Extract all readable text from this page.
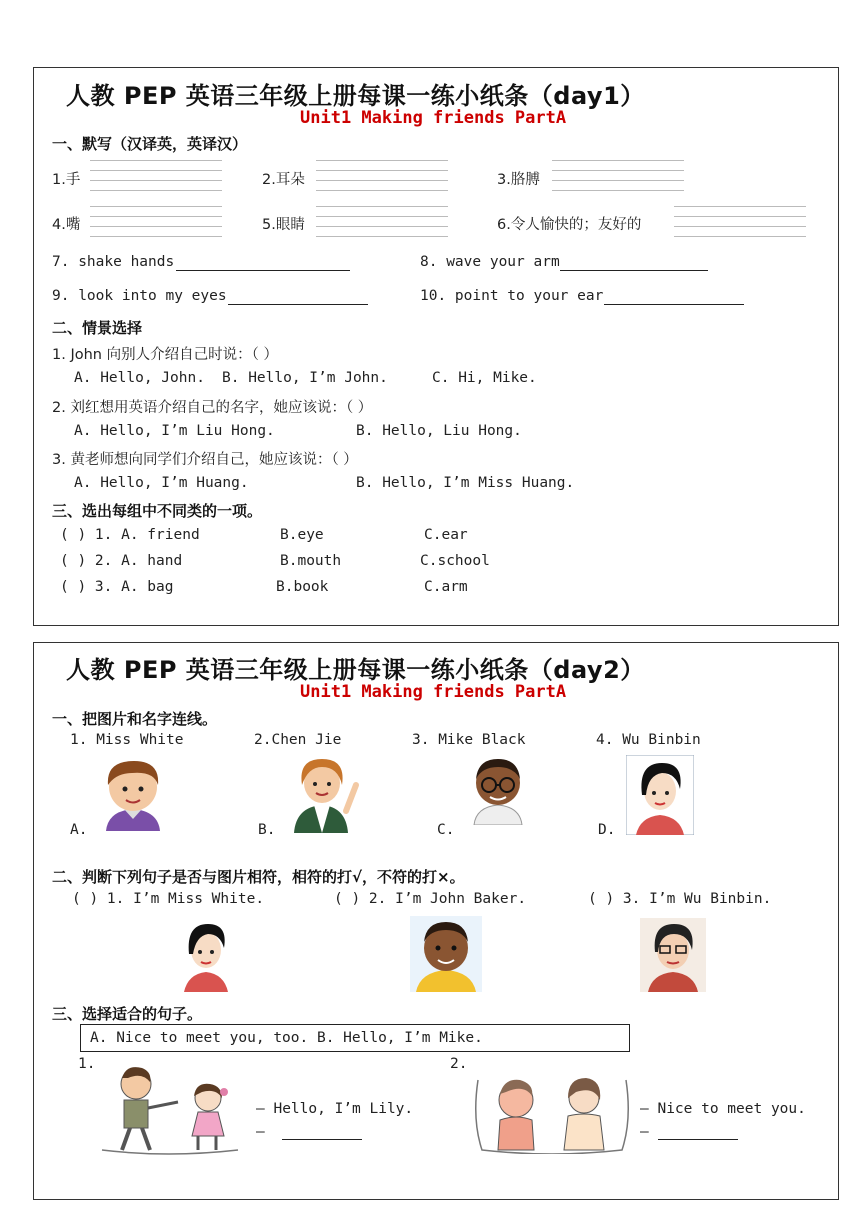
人教 PEP 英语三年级上册每课一练小纸条（day1）
Unit1 Making friends PartA
一、默写（汉译英，英译汉）
1.手	2.耳朵	3.胳膊
4.嘴	5.眼睛	6.令人愉快的；友好的
7. shake hands	8. wave your arm
9. look into my eyes	10. point to your ear
二、情景选择
1. John 向别人介绍自己时说：（ ）
A. Hello, John. B. Hello, I’m John.	C. Hi, Mike.
2. 刘红想用英语介绍自己的名字，她应该说：（ ）
A. Hello, I’m Liu Hong.	B. Hello, Liu Hong.
3. 黄老师想向同学们介绍自己，她应该说：（ ）
A. Hello, I’m Huang.	B. Hello, I’m Miss Huang.
三、选出每组中不同类的一项。
( ) 1. A. friend	B.eye	C.ear
( ) 2. A. hand	B.mouth	C.school
( ) 3. A. bag	B.book	C.arm
人教 PEP 英语三年级上册每课一练小纸条（day2）
Unit1 Making friends PartA
一、把图片和名字连线。
1. Miss White	2.Chen Jie	3. Mike Black	4. Wu Binbin
A.	B.	C.	D.
二、判断下列句子是否与图片相符，相符的打√，不符的打×。
( ) 1. I’m Miss White.	( ) 2. I’m John Baker.	( ) 3. I’m Wu Binbin.
三、选择适合的句子。
A. Nice to meet you, too. B. Hello, I’m Mike.
1.
— Hello, I’m Lily.
—
2.
— Nice to meet you.
—
